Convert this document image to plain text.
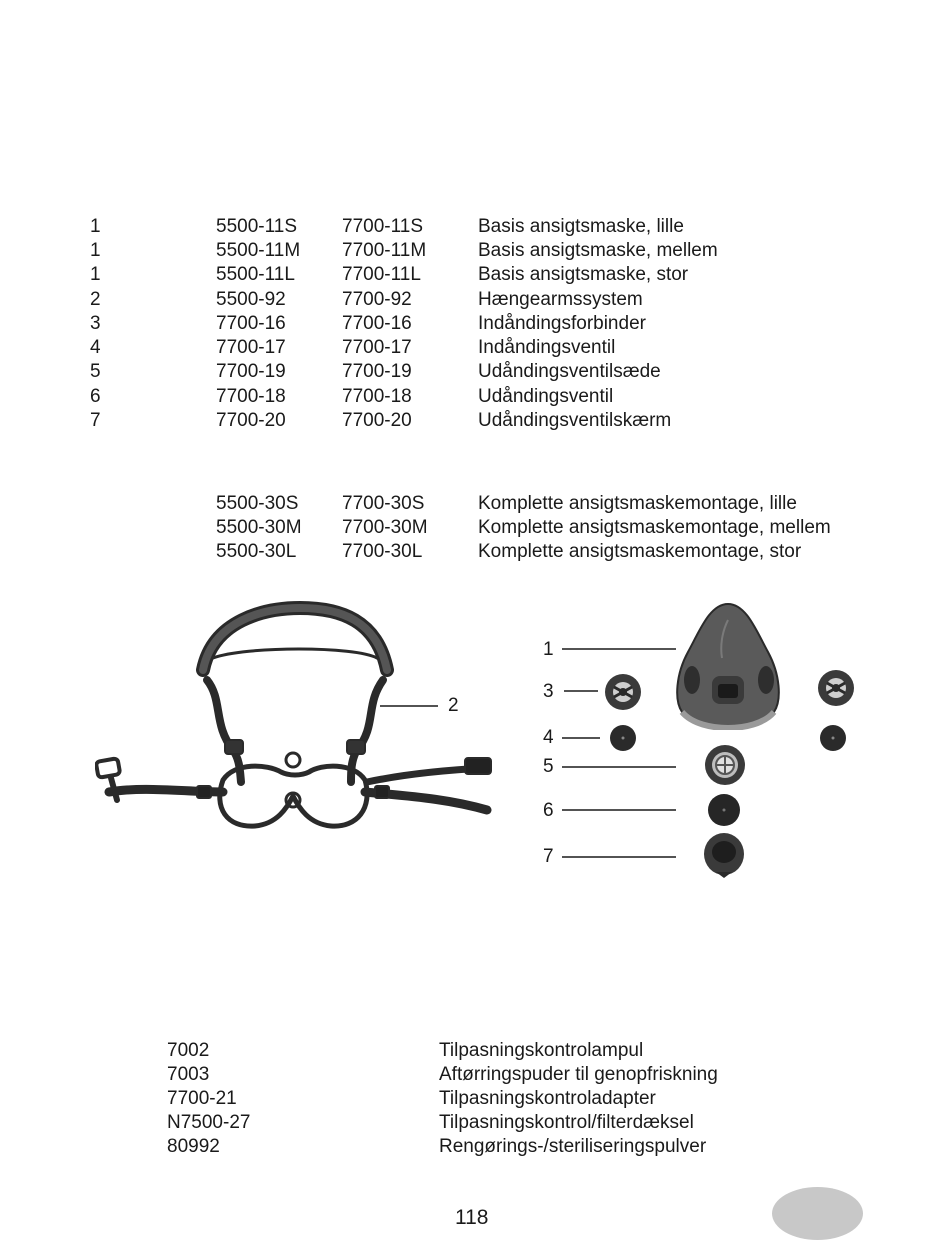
1	5500-11S 7700-11S	Basis ansigtsmaske, lille
1	5500-11M 7700-11M	Basis ansigtsmaske, mellem
1	5500-11L 7700-11L	Basis ansigtsmaske, stor
2	5500-92	7700-92	Hængearmssystem
3	7700-16	7700-16	Indåndingsforbinder
4	7700-17	7700-17	Indåndingsventil
5	7700-19	7700-19	Udåndingsventilsæde
6	7700-18	7700-18	Udåndingsventil
7	7700-20	7700-20	Udåndingsventilskærm
5500-30S 7700-30S	Komplette ansigtsmaskemontage, lille
5500-30M 7700-30M	Komplette ansigtsmaskemontage, mellem
5500-30L 7700-30L	Komplette ansigtsmaskemontage, stor
2
1
3
4
5
6
7
7002	Tilpasningskontrolampul
7003	Aftørringspuder til genopfriskning
7700-21	Tilpasningskontroladapter
N7500-27	Tilpasningskontrol/filterdæksel
80992	Rengørings-/steriliseringspulver
118
